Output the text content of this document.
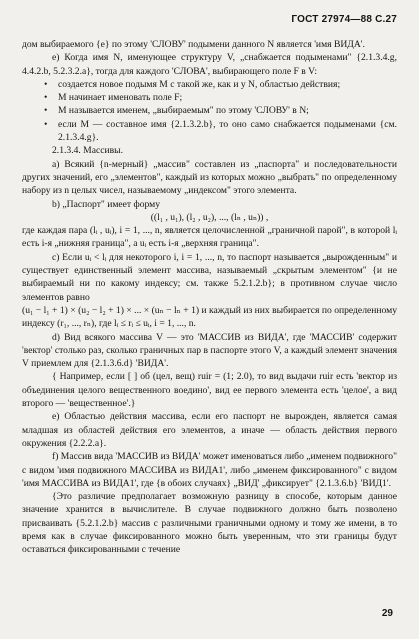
ГОСТ 27974—88 С.27

дом выбираемого {e} по этому 'СЛОВУ' подымени данного N является 'имя ВИДА'.

е) Когда имя N, именующее структуру V, „снабжается подыменами" {2.1.3.4.g, 4.4.2.b, 5.2.3.2.a}, тогда для каждого 'СЛОВА', выбирающего поле F в V:

• создается новое подымя M с такой же, как и у N, областью действия;

• M начинает именовать поле F;

• M называется именем, „выбираемым" по этому 'СЛОВУ' в N;

• если M — составное имя {2.1.3.2.b}, то оно само снабжается подыменами {см. 2.1.3.4.g}.

2.1.3.4. Массивы.

a) Всякий {n-мерный} „массив" составлен из „паспорта" и последовательности других значений, его „элементов", каждый из которых можно „выбрать" по определенному набору из n целых чисел, называемому „индексом" этого элемента.

b) „Паспорт" имеет форму

((l₁ , u₁), (l₂ , u₂), ..., (lₙ , uₙ)) ,

где каждая пара (lᵢ , uᵢ), i = 1, ..., n, является целочисленной „граничной парой", в которой lᵢ есть i-я „нижняя граница", а uᵢ есть i-я „верхняя граница".

c) Если uᵢ < lᵢ для некоторого i, i = 1, ..., n, то паспорт называется „вырожденным" и существует единственный элемент массива, называемый „скрытым элементом" {и не выбираемый ни по какому индексу; см. также 5.2.1.2.b}; в противном случае число элементов равно

(u₁ − l₁ + 1) × (u₂ − l₂ + 1) × ... × (uₙ − lₙ + 1) и каждый из них выбирается по определенному индексу (r₁, ..., rₙ), где lᵢ ≤ rᵢ ≤ uᵢ, i = 1, ..., n.

d) Вид всякого массива V — это 'МАССИВ из ВИДА', где 'МАССИВ' содержит 'вектор' столько раз, сколько граничных пар в паспорте этого V, а каждый элемент значения V приемлем для {2.1.3.6.d} 'ВИДА'.

{ Например, если [ ] об (цел, вещ) ruir = (1; 2.0), то вид выдачи ruir есть 'вектор из объединения целого вещественного воедино', вид ее первого элемента есть 'целое', а вид второго — 'вещественное'.}

e) Областью действия массива, если его паспорт не вырожден, является самая младшая из областей действия его элементов, а иначе — область действия первого окружения {2.2.2.a}.

f) Массив вида 'МАССИВ из ВИДА' может именоваться либо „именем подвижного" с видом 'имя подвижного МАССИВА из ВИДА1', либо „именем фиксированного" с видом 'имя МАССИВА из ВИДА1', где {в обоих случаях} „ВИД' „фиксирует" {2.1.3.6.b} 'ВИД1'.

{Это различие предполагает возможную разницу в способе, которым данное значение хранится в вычислителе. В случае подвижного должно быть позволено присваивать {5.2.1.2.b} массив с различными граничными одному и тому же имени, в то время как в случае фиксированного можно быть уверенным, что эти границы будут оставаться фиксированными с течение

29
